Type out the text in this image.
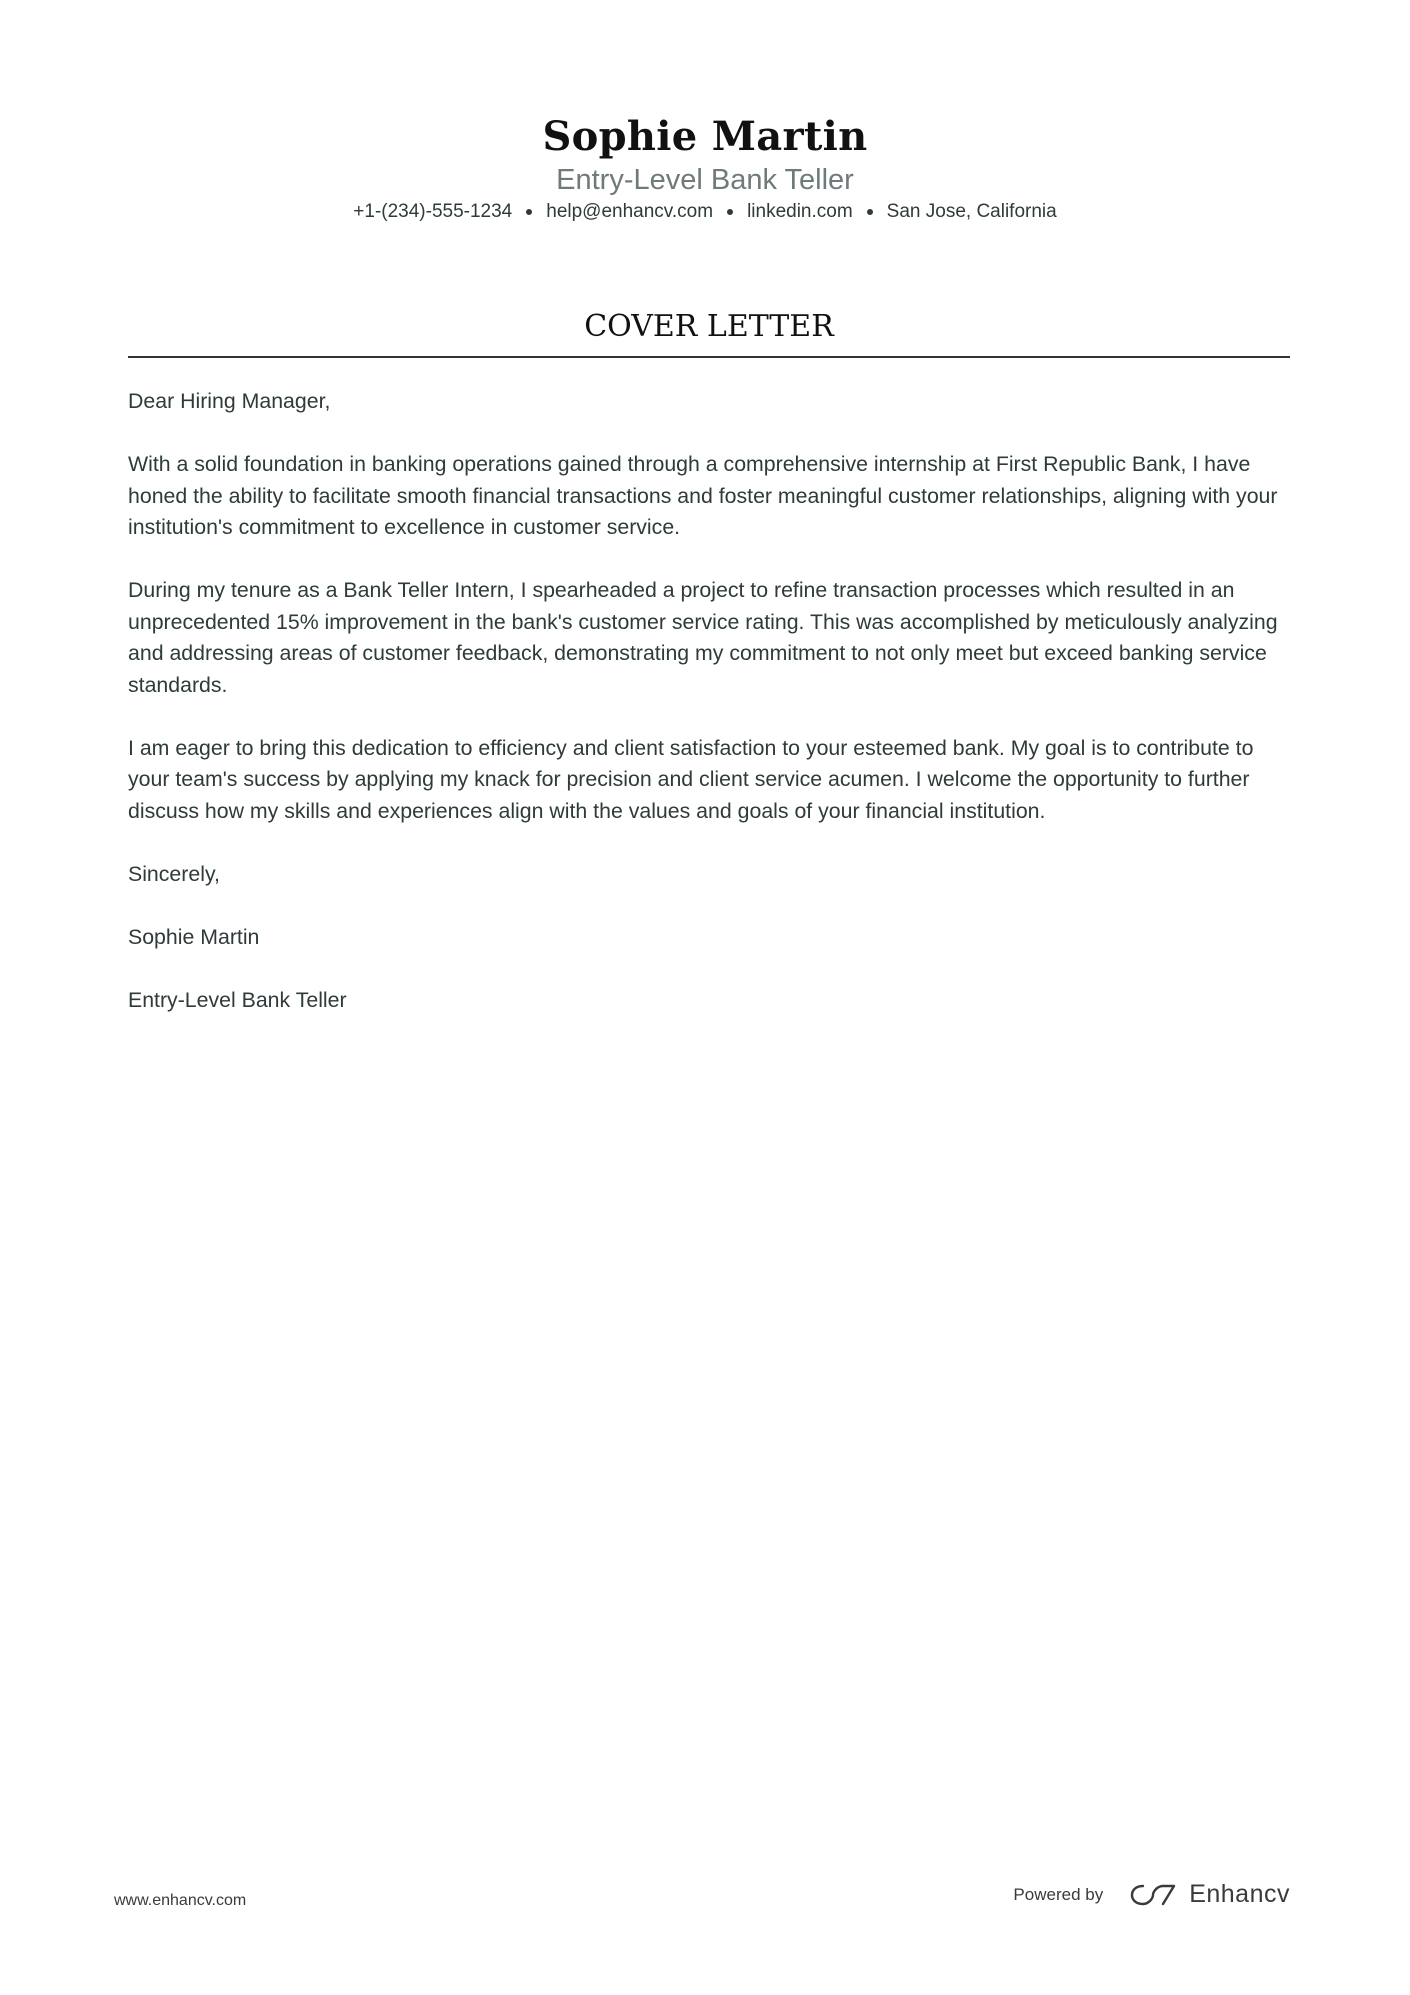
Sophie Martin
Entry-Level Bank Teller
+1-(234)-555-1234 help@enhancv.com linkedin.com San Jose, California
COVER LETTER

Dear Hiring Manager,

With a solid foundation in banking operations gained through a comprehensive internship at First Republic Bank, I have honed the ability to facilitate smooth financial transactions and foster meaningful customer relationships, aligning with your institution's commitment to excellence in customer service.

During my tenure as a Bank Teller Intern, I spearheaded a project to refine transaction processes which resulted in an unprecedented 15% improvement in the bank's customer service rating. This was accomplished by meticulously analyzing and addressing areas of customer feedback, demonstrating my commitment to not only meet but exceed banking service standards.

I am eager to bring this dedication to efficiency and client satisfaction to your esteemed bank. My goal is to contribute to your team's success by applying my knack for precision and client service acumen. I welcome the opportunity to further discuss how my skills and experiences align with the values and goals of your financial institution.

Sincerely,

Sophie Martin

Entry-Level Bank Teller

www.enhancv.com	Powered by	Enhancv
